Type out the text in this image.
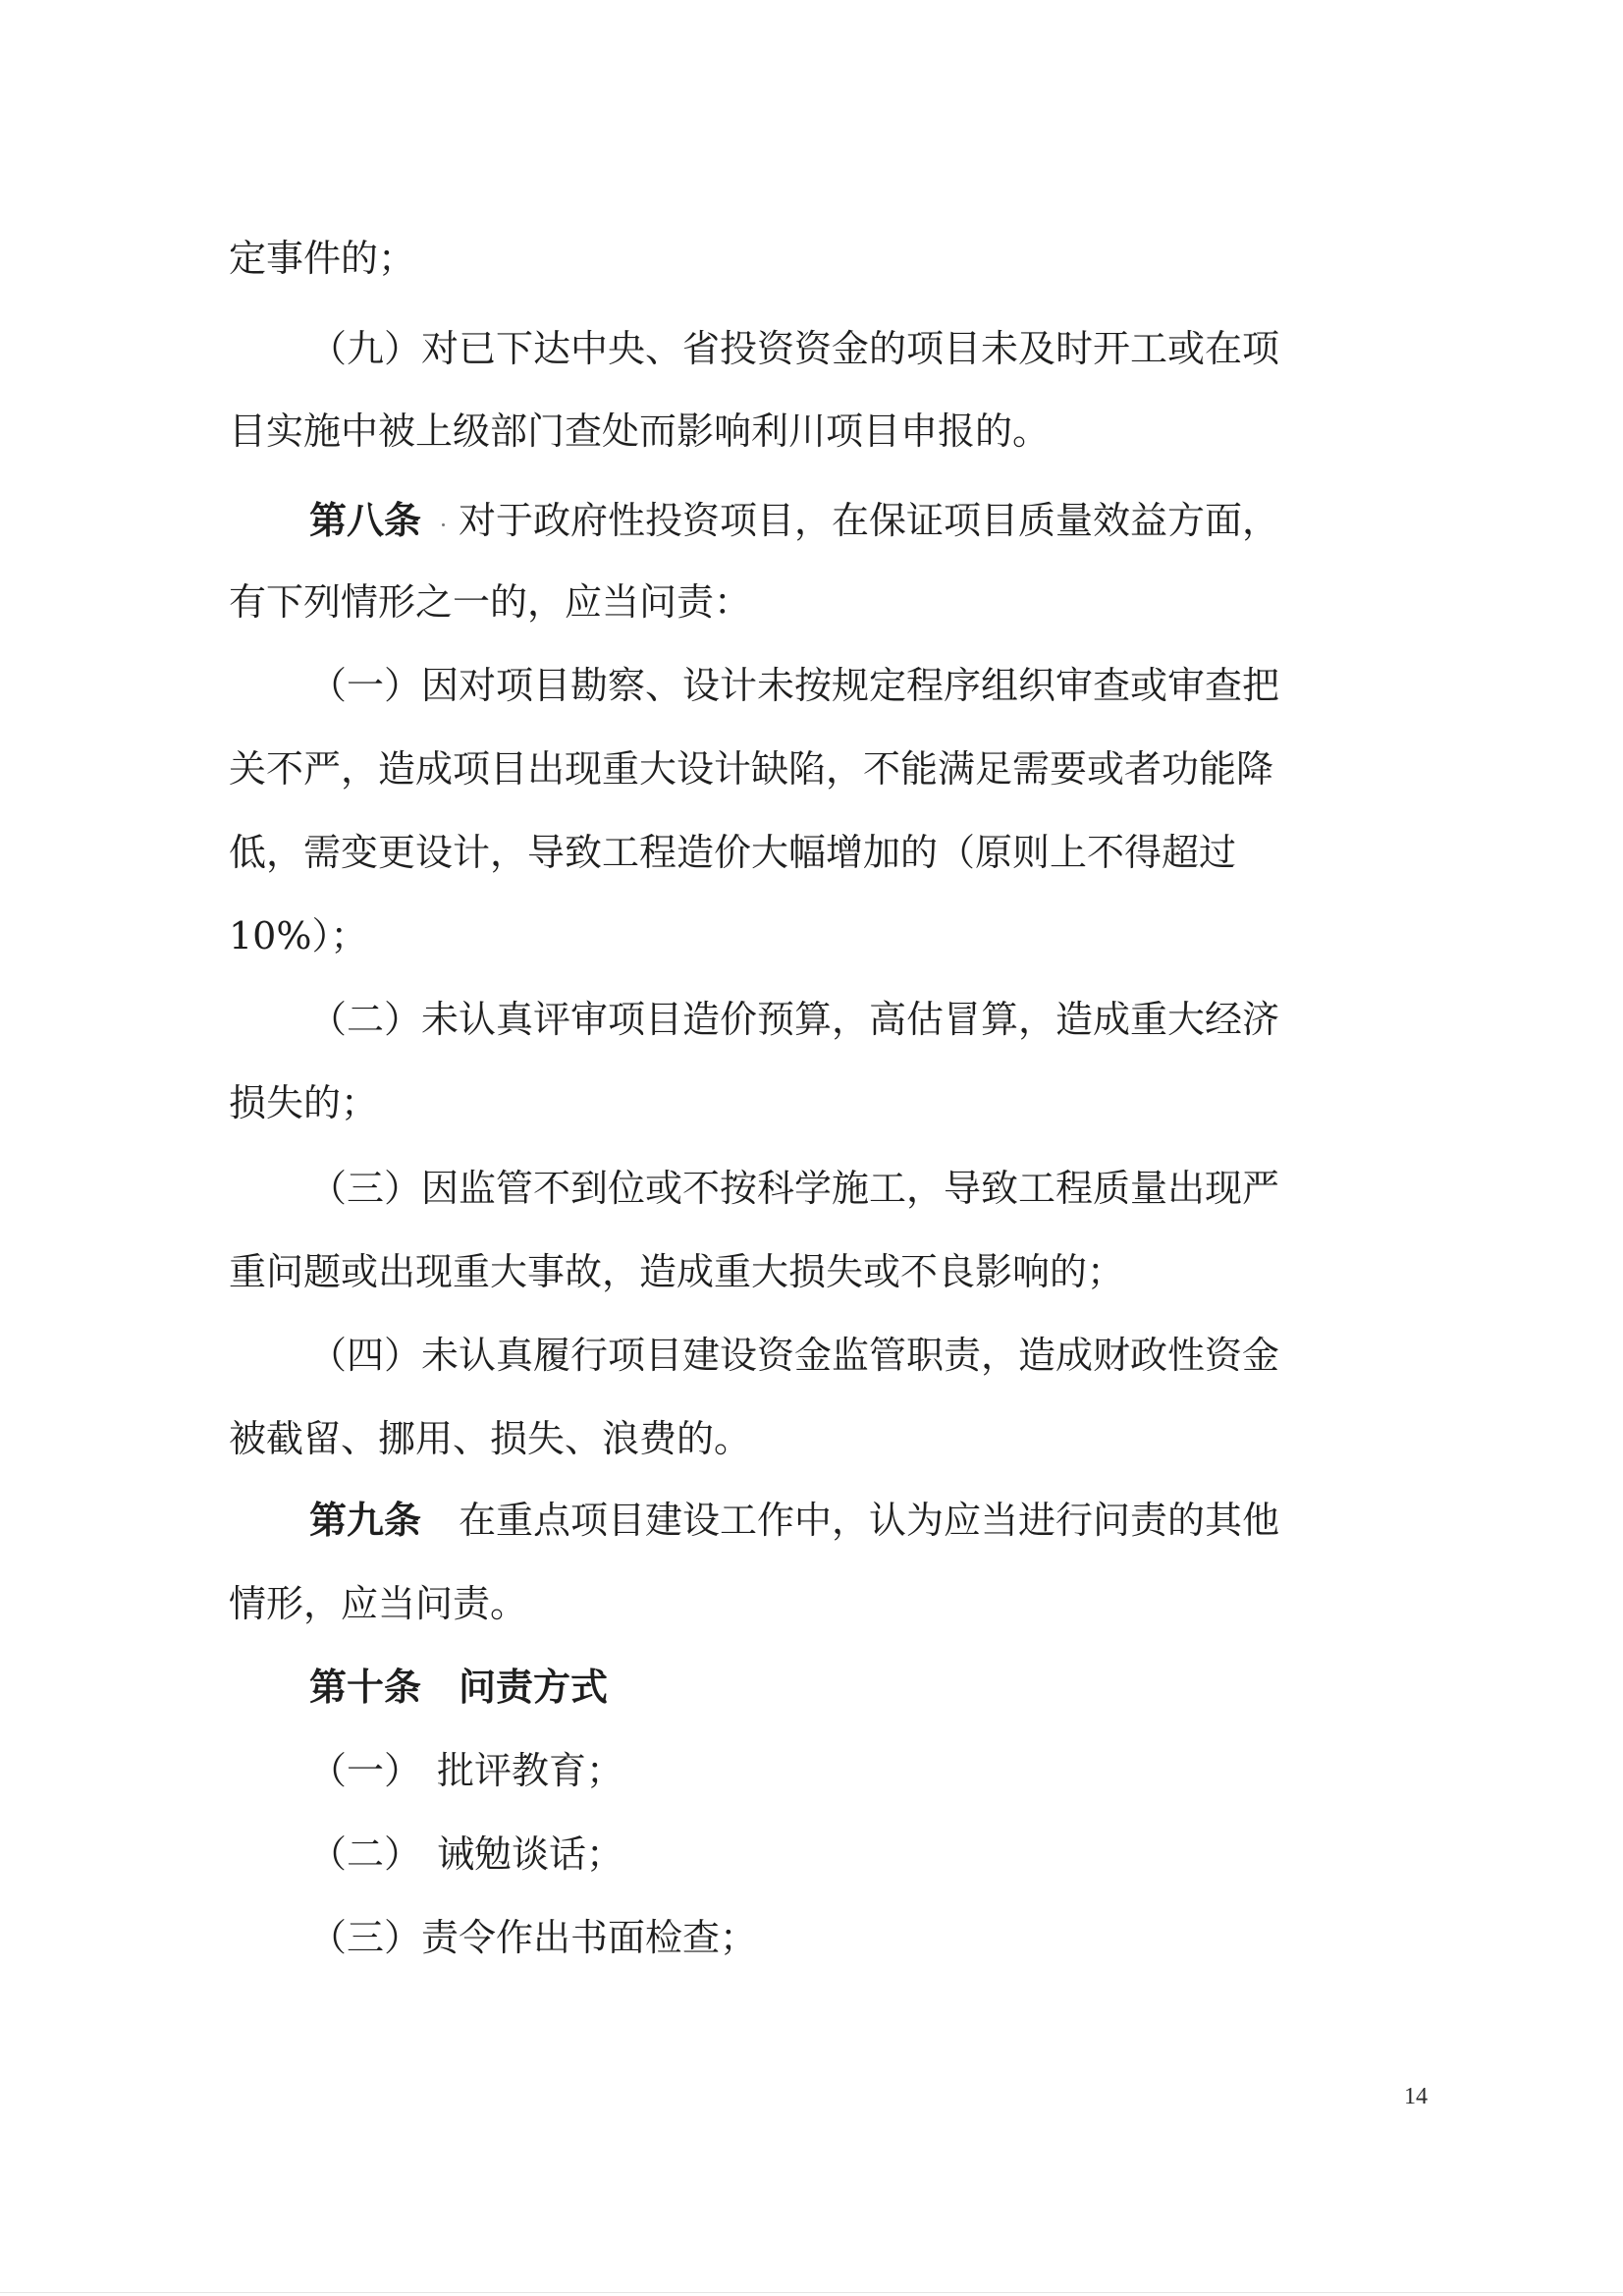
定事件的；
（九）对已下达中央、省投资资金的项目未及时开工或在项
目实施中被上级部门查处而影响利川项目申报的。
第八条 对于政府性投资项目，在保证项目质量效益方面，
有下列情形之一的，应当问责：
（一）因对项目勘察、设计未按规定程序组织审查或审查把
关不严，造成项目出现重大设计缺陷，不能满足需要或者功能降
低，需变更设计，导致工程造价大幅增加的（原则上不得超过
10%）；
（二）未认真评审项目造价预算，高估冒算，造成重大经济
损失的；
（三）因监管不到位或不按科学施工，导致工程质量出现严
重问题或出现重大事故，造成重大损失或不良影响的；
（四）未认真履行项目建设资金监管职责，造成财政性资金
被截留、挪用、损失、浪费的。
第九条 在重点项目建设工作中，认为应当进行问责的其他
情形，应当问责。
第十条 问责方式
（一） 批评教育；
（二） 诫勉谈话；
（三）责令作出书面检查；
14
